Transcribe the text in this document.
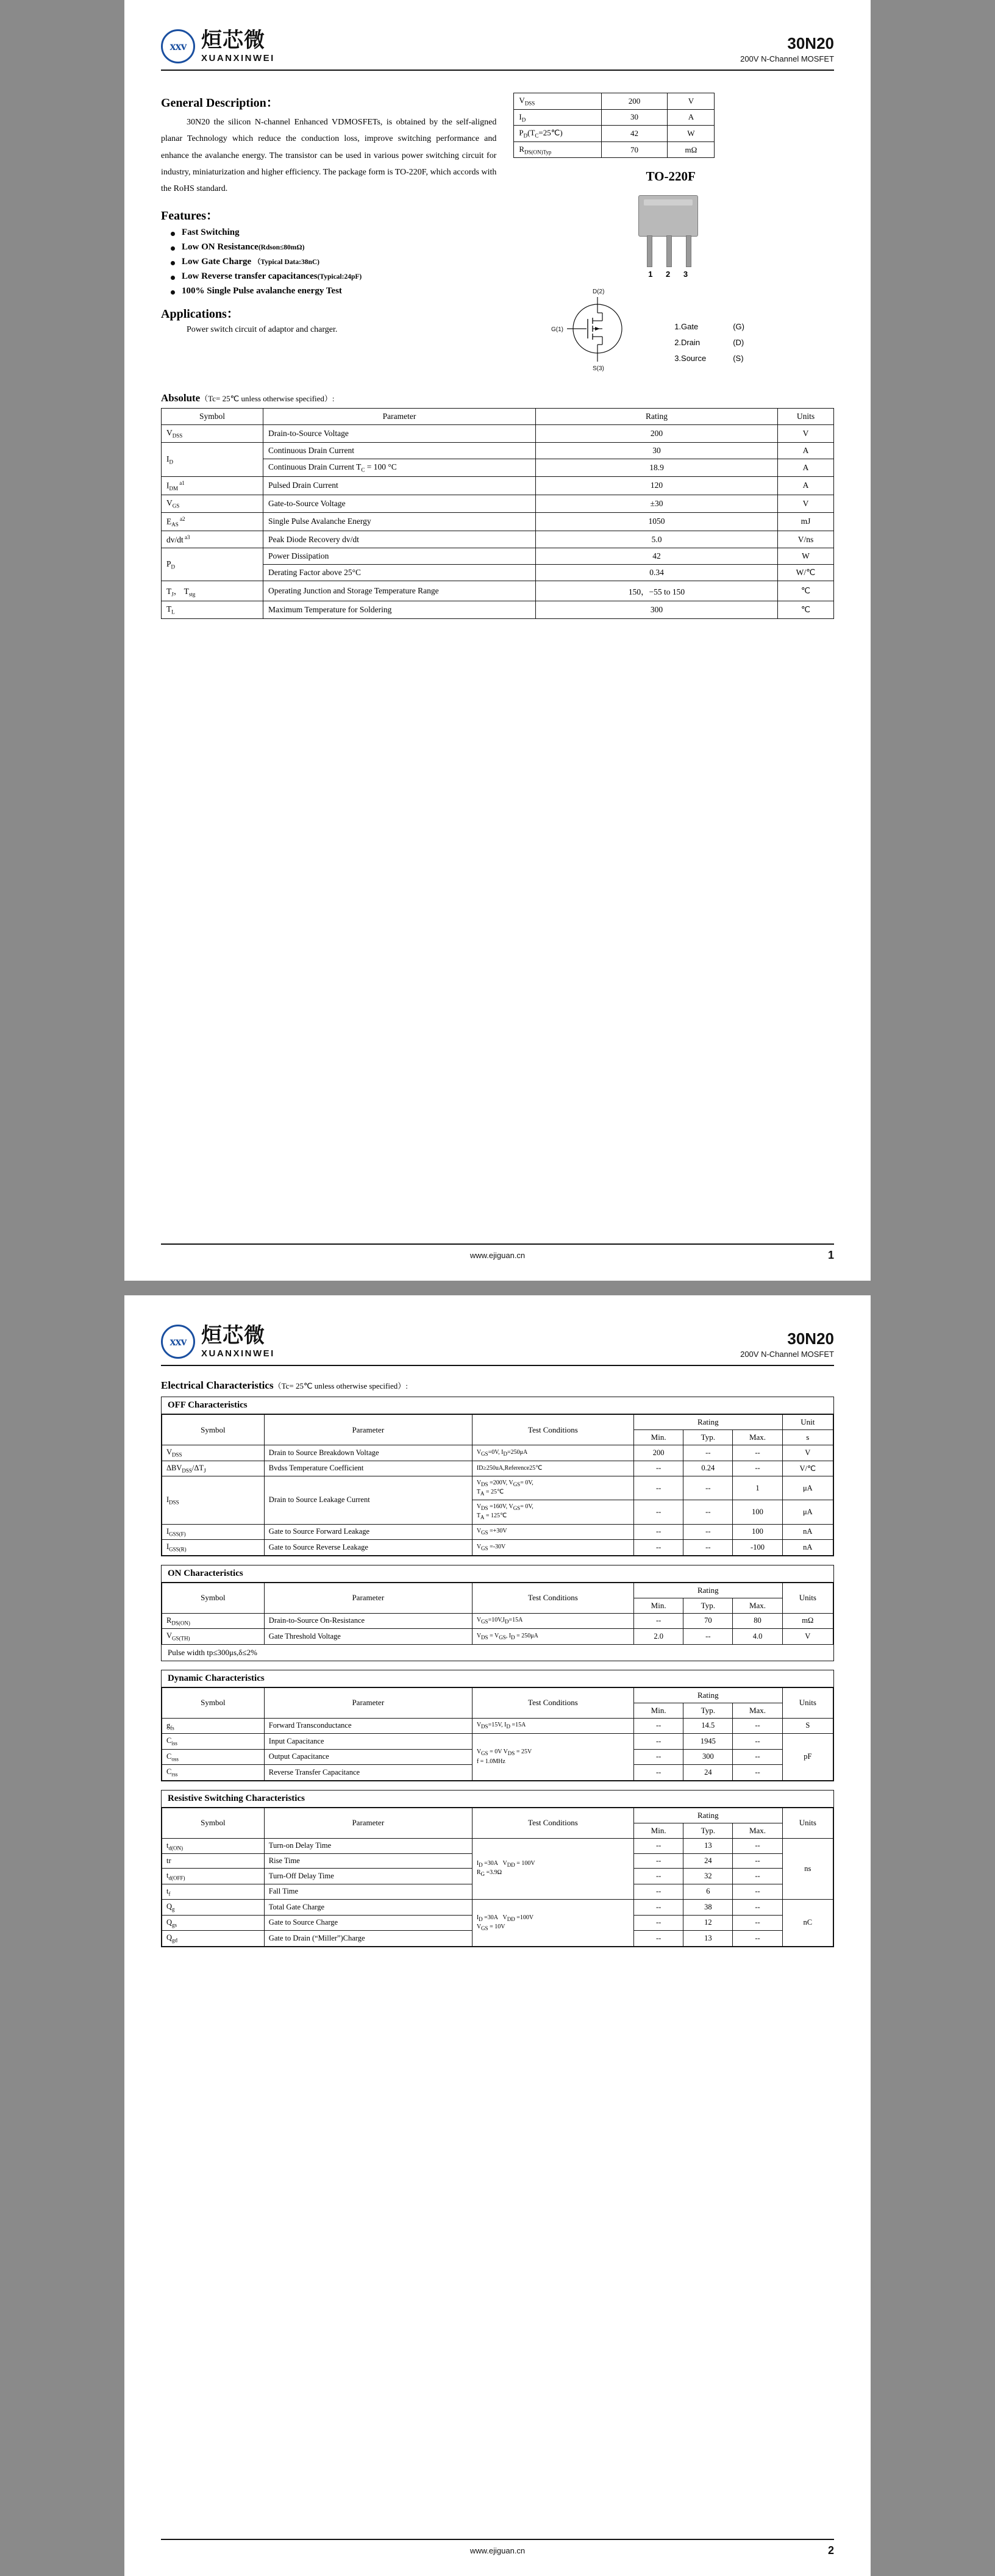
xxv 烜芯微
XUANXINWEI
30N20
200V N-Channel MOSFET
General Description：
30N20 the silicon N-channel Enhanced VDMOSFETs, is obtained by the self-aligned planar Technology which reduce the conduction loss, improve switching performance and enhance the avalanche energy. The transistor can be used in various power switching circuit for industry, miniaturization and higher efficiency. The package form is TO-220F, which accords with the RoHS standard.
Features：
Fast Switching
Low ON Resistance(Rdson≤80mΩ)
Low Gate Charge （Typical Data:38nC)
Low Reverse transfer capacitances(Typical:24pF)
100% Single Pulse avalanche energy Test
Applications：
Power switch circuit of adaptor and charger.
$V_{DSS}$	200	V
$I_D$	30	A
$P_D(T_C=25℃)$	42	W
$R_{DS(ON)Typ}$	70	mΩ
TO-220F
1 2 3
D(2)
G(1)
S(3)
1.Gate	(G)
2.Drain	(D)
3.Source	(S)
Absolute（Tc= 25℃ unless otherwise specified）:
Symbol	Parameter	Rating	Units
$V_{DSS}$	Drain-to-Source Voltage	200	V
$I_D$	Continuous Drain Current	30	A
	Continuous Drain Current $T_C = 100$ °C	18.9	A
$I_{DM}$ $^{a1}$	Pulsed Drain Current	120	A
$V_{GS}$	Gate-to-Source Voltage	±30	V
$E_{AS}$ $^{a2}$	Single Pulse Avalanche Energy	1050	mJ
dv/dt $^{a3}$	Peak Diode Recovery dv/dt	5.0	V/ns
$P_D$	Power Dissipation	42	W
	Derating Factor above 25°C	0.34	W/℃
$T_J$， $T_{stg}$	Operating Junction and Storage Temperature Range	150，−55 to 150	℃
$T_L$	Maximum Temperature for Soldering	300	℃
www.ejiguan.cn	1
xxv 烜芯微
XUANXINWEI
30N20
200V N-Channel MOSFET
Electrical Characteristics（Tc= 25℃ unless otherwise specified）:
OFF Characteristics
Symbol	Parameter	Test Conditions	Rating			Unit
			Min.	Typ.	Max.	s
$V_{DSS}$	Drain to Source Breakdown Voltage	$V_{GS}=0V$, $I_D=250\mu A$	200	--	--	V
$\Delta BV_{DSS}/\Delta T_J$	Bvdss Temperature Coefficient	ID≥250uA,Reference25℃	--	0.24	--	V/℃
$I_{DSS}$	Drain to Source Leakage Current	$V_{DS} =200V$, $V_{GS}= 0V$,
$T_A$ = 25℃	--	--	1	μA
		$V_{DS} =160V$, $V_{GS}= 0V$,
$T_A$ = 125℃	--	--	100	μA
$I_{GSS(F)}$	Gate to Source Forward Leakage	$V_{GS} =+30V$	--	--	100	nA
$I_{GSS(R)}$	Gate to Source Reverse Leakage	$V_{GS} =-30V$	--	--	-100	nA
ON Characteristics
Symbol	Parameter	Test Conditions	Rating			Units
			Min.	Typ.	Max.	
$R_{DS(ON)}$	Drain-to-Source On-Resistance	$V_{GS}=10V,I_D=15A$	--	70	80	mΩ
$V_{GS(TH)}$	Gate Threshold Voltage	$V_{DS} = V_{GS}$, $I_D = 250\mu A$	2.0	--	4.0	V
Pulse width tp≤300μs,δ≤2%
Dynamic Characteristics
Symbol	Parameter	Test Conditions	Rating			Units
			Min.	Typ.	Max.	
$g_{fs}$	Forward Transconductance	$V_{DS}=15V$, $I_D =15A$	--	14.5	--	S
$C_{iss}$	Input Capacitance	$V_{GS} = 0V$ $V_{DS} = 25V$
f = 1.0MHz	--	1945	--	pF
$C_{oss}$	Output Capacitance		--	300	--	
$C_{rss}$	Reverse Transfer Capacitance		--	24	--	
Resistive Switching Characteristics
Symbol	Parameter	Test Conditions	Rating			Units
			Min.	Typ.	Max.	
$t_{d(ON)}$	Turn-on Delay Time	$I_D =30A$   $V_{DD} = 100V$
$R_G =3.9\Omega$	--	13	--	ns
tr	Rise Time		--	24	--	
$t_{d(OFF)}$	Turn-Off Delay Time		--	32	--	
$t_f$	Fall Time		--	6	--	
$Q_g$	Total Gate Charge	$I_D =30A$   $V_{DD} =100V$
$V_{GS} = 10V$	--	38	--	nC
$Q_{gs}$	Gate to Source Charge		--	12	--	
$Q_{gd}$	Gate to Drain (“Miller”)Charge		--	13	--	
www.ejiguan.cn	2
